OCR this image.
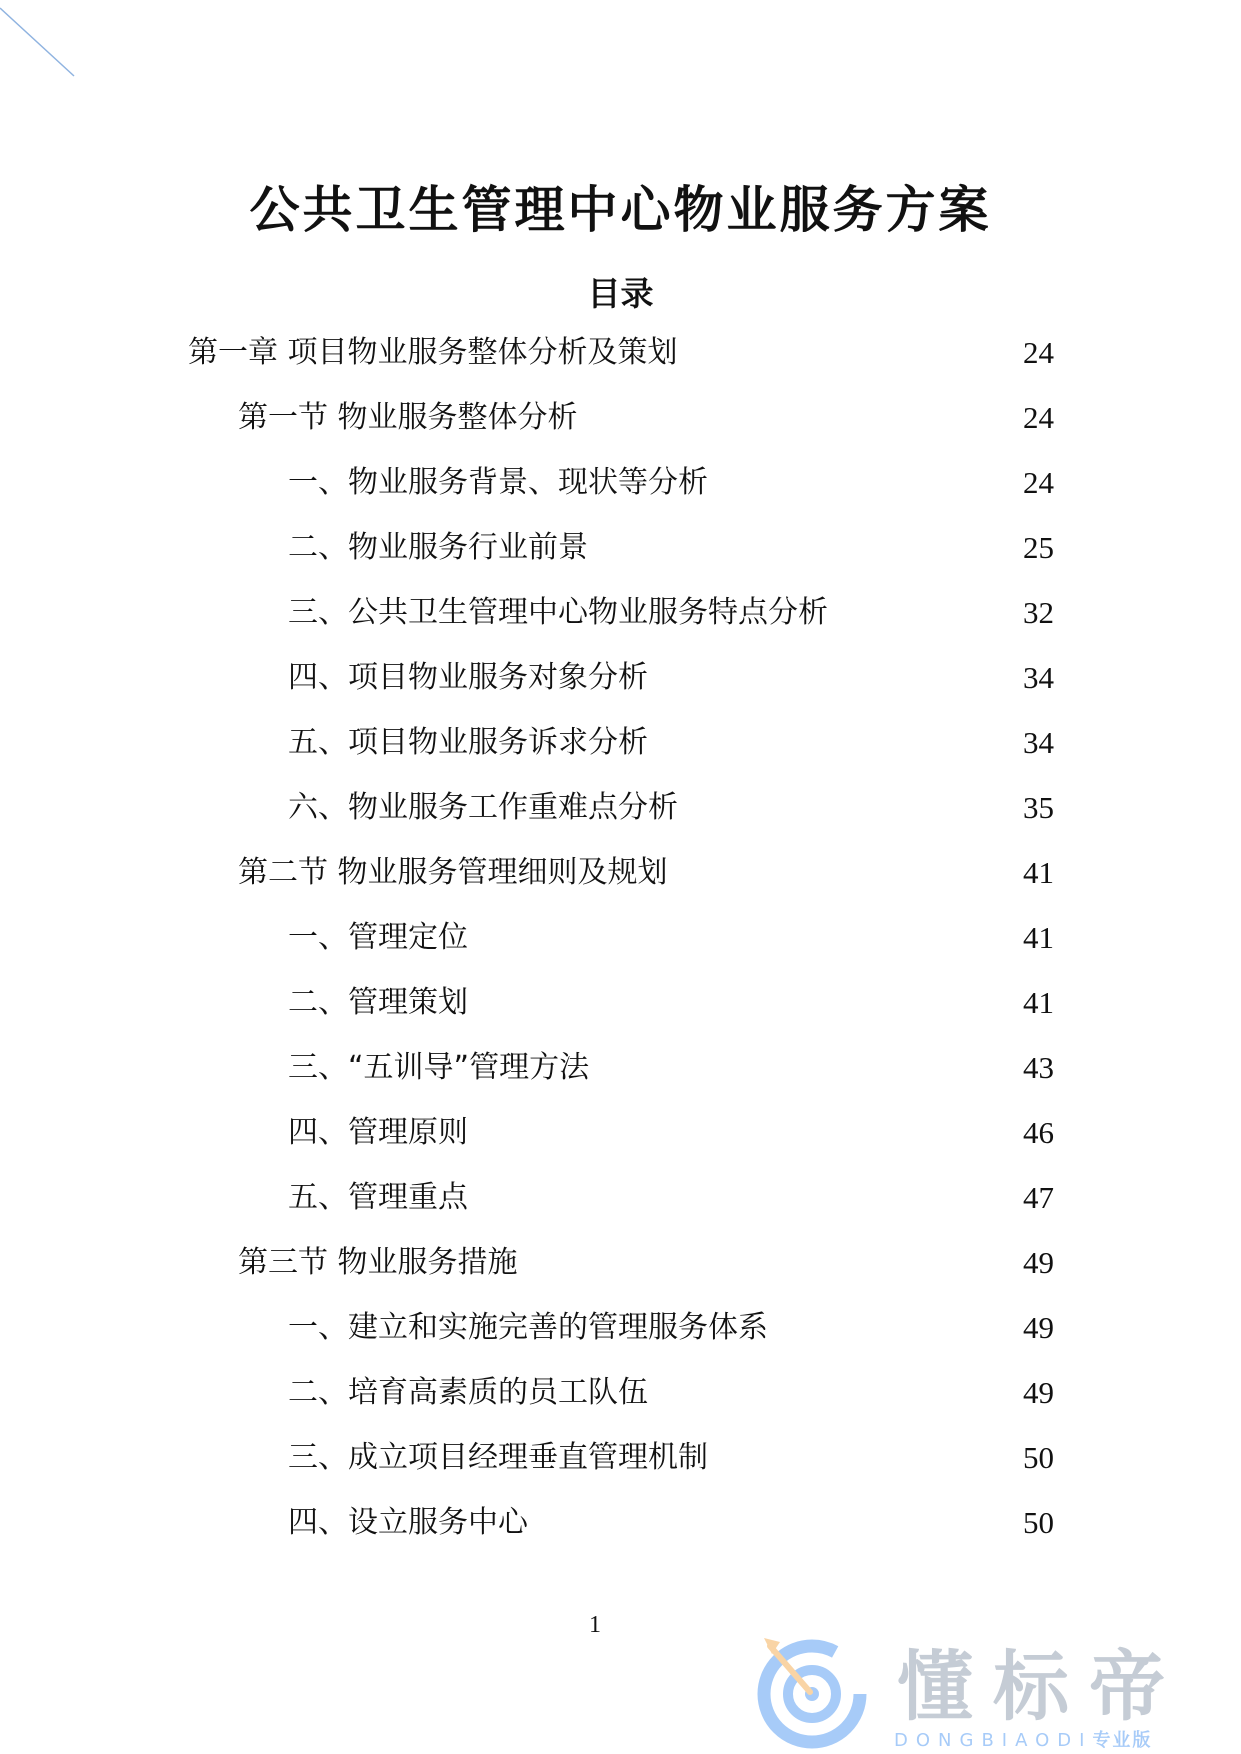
公共卫生管理中心物业服务方案
目录
第一章 项目物业服务整体分析及策划	24
第一节 物业服务整体分析	24
一、物业服务背景、现状等分析	24
二、物业服务行业前景	25
三、公共卫生管理中心物业服务特点分析	32
四、项目物业服务对象分析	34
五、项目物业服务诉求分析	34
六、物业服务工作重难点分析	35
第二节 物业服务管理细则及规划	41
一、管理定位	41
二、管理策划	41
三、“五训导”管理方法	43
四、管理原则	46
五、管理重点	47
第三节 物业服务措施	49
一、建立和实施完善的管理服务体系	49
二、培育高素质的员工队伍	49
三、成立项目经理垂直管理机制	50
四、设立服务中心	50
1
懂标帝
DONGBIAODI专业版
